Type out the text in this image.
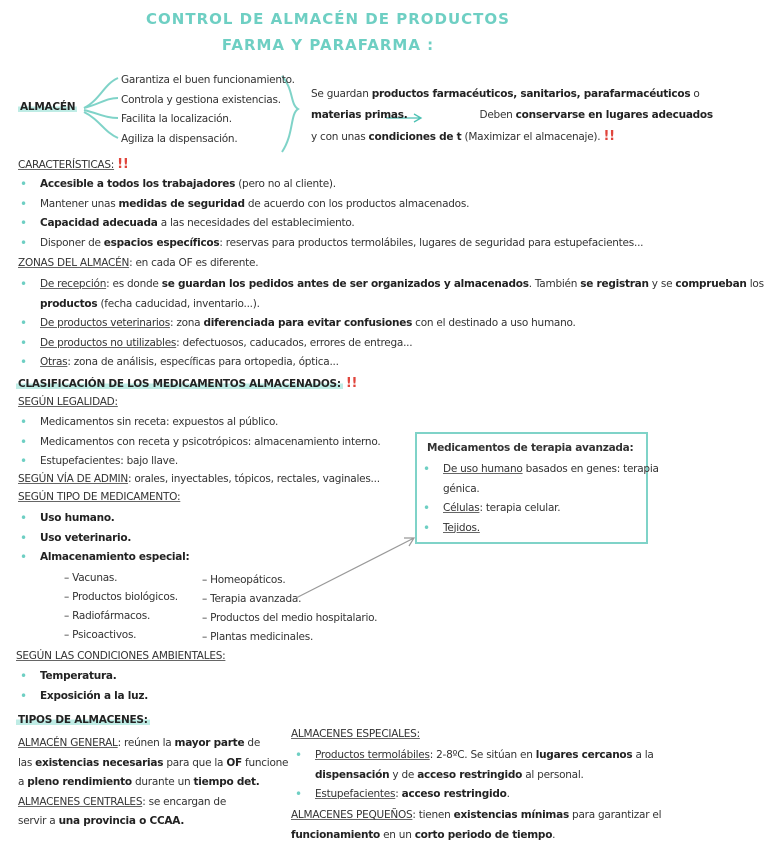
CONTROL DE ALMACÉN DE PRODUCTOS
FARMA Y PARAFARMA :
ALMACÉN
Garantiza el buen funcionamiento.
Controla y gestiona existencias.
Facilita la localización.
Agiliza la dispensación.
Se guardan productos farmacéuticos, sanitarios, parafarmacéuticos o
materias primas.	Deben conservarse en lugares adecuados
y con unas condiciones de t (Maximizar el almacenaje). !!
CARACTERÍSTICAS: !!
• Accesible a todos los trabajadores (pero no al cliente).
• Mantener unas medidas de seguridad de acuerdo con los productos almacenados.
• Capacidad adecuada a las necesidades del establecimiento.
• Disponer de espacios específicos: reservas para productos termolábiles, lugares de seguridad para estupefacientes...
ZONAS DEL ALMACÉN: en cada OF es diferente.
• De recepción: es donde se guardan los pedidos antes de ser organizados y almacenados. También se registran y se comprueban los
productos (fecha caducidad, inventario...).
• De productos veterinarios: zona diferenciada para evitar confusiones con el destinado a uso humano.
• De productos no utilizables: defectuosos, caducados, errores de entrega...
• Otras: zona de análisis, específicas para ortopedia, óptica...
CLASIFICACIÓN DE LOS MEDICAMENTOS ALMACENADOS: !!
SEGÚN LEGALIDAD:
• Medicamentos sin receta: expuestos al público.
• Medicamentos con receta y psicotrópicos: almacenamiento interno.
• Estupefacientes: bajo llave.
SEGÚN VÍA DE ADMIN: orales, inyectables, tópicos, rectales, vaginales...
SEGÚN TIPO DE MEDICAMENTO:
• Uso humano.
• Uso veterinario.
• Almacenamiento especial:
– Vacunas.
– Productos biológicos.
– Radiofármacos.
– Psicoactivos.
– Homeopáticos.
– Terapia avanzada.
– Productos del medio hospitalario.
– Plantas medicinales.
Medicamentos de terapia avanzada:
• De uso humano basados en genes: terapia
génica.
• Células: terapia celular.
• Tejidos.
SEGÚN LAS CONDICIONES AMBIENTALES:
• Temperatura.
• Exposición a la luz.
TIPOS DE ALMACENES:
ALMACÉN GENERAL: reúnen la mayor parte de
las existencias necesarias para que la OF funcione
a pleno rendimiento durante un tiempo det.
ALMACENES CENTRALES: se encargan de
servir a una provincia o CCAA.
ALMACENES ESPECIALES:
• Productos termolábiles: 2-8ºC. Se sitúan en lugares cercanos a la
dispensación y de acceso restringido al personal.
• Estupefacientes: acceso restringido.
ALMACENES PEQUEÑOS: tienen existencias mínimas para garantizar el
funcionamiento en un corto periodo de tiempo.
